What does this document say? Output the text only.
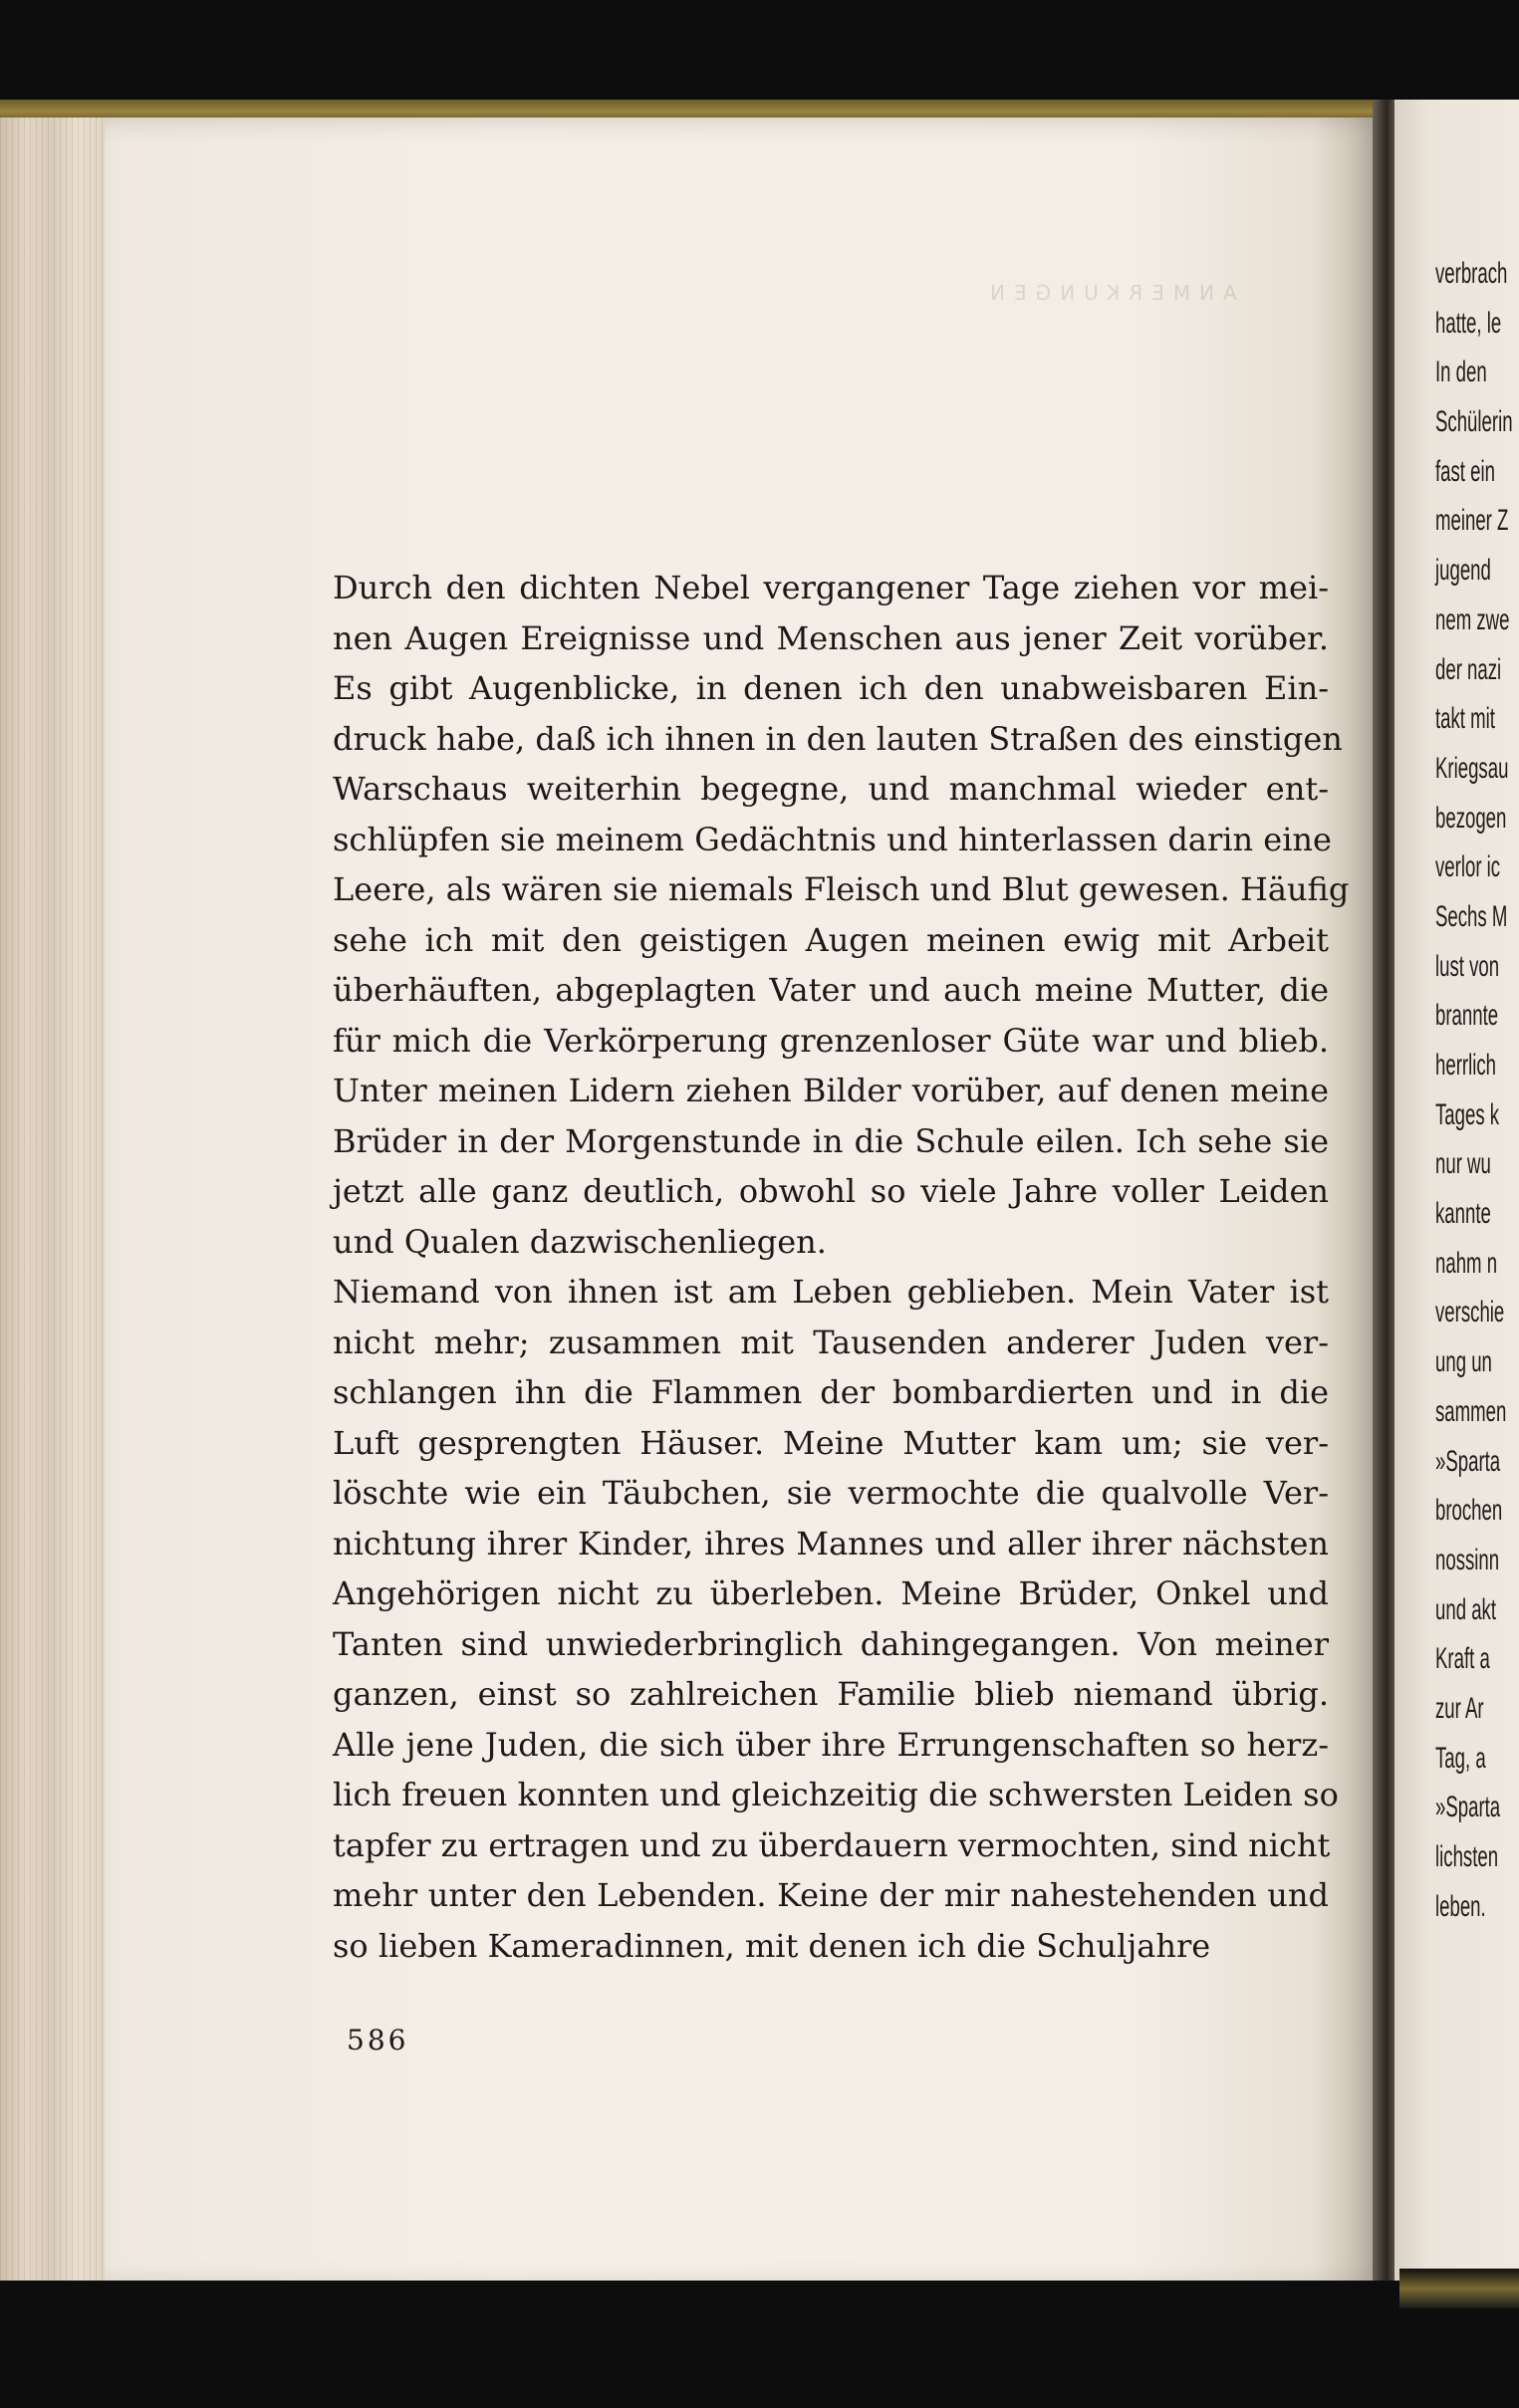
ANMERKUNGEN
Durch den dichten Nebel vergangener Tage ziehen vor mei-
nen Augen Ereignisse und Menschen aus jener Zeit vorüber.
Es gibt Augenblicke, in denen ich den unabweisbaren Ein-
druck habe, daß ich ihnen in den lauten Straßen des einstigen
Warschaus weiterhin begegne, und manchmal wieder ent-
schlüpfen sie meinem Gedächtnis und hinterlassen darin eine
Leere, als wären sie niemals Fleisch und Blut gewesen. Häufig
sehe ich mit den geistigen Augen meinen ewig mit Arbeit
überhäuften, abgeplagten Vater und auch meine Mutter, die
für mich die Verkörperung grenzenloser Güte war und blieb.
Unter meinen Lidern ziehen Bilder vorüber, auf denen meine
Brüder in der Morgenstunde in die Schule eilen. Ich sehe sie
jetzt alle ganz deutlich, obwohl so viele Jahre voller Leiden
und Qualen dazwischenliegen.
Niemand von ihnen ist am Leben geblieben. Mein Vater ist
nicht mehr; zusammen mit Tausenden anderer Juden ver-
schlangen ihn die Flammen der bombardierten und in die
Luft gesprengten Häuser. Meine Mutter kam um; sie ver-
löschte wie ein Täubchen, sie vermochte die qualvolle Ver-
nichtung ihrer Kinder, ihres Mannes und aller ihrer nächsten
Angehörigen nicht zu überleben. Meine Brüder, Onkel und
Tanten sind unwiederbringlich dahingegangen. Von meiner
ganzen, einst so zahlreichen Familie blieb niemand übrig.
Alle jene Juden, die sich über ihre Errungenschaften so herz-
lich freuen konnten und gleichzeitig die schwersten Leiden so
tapfer zu ertragen und zu überdauern vermochten, sind nicht
mehr unter den Lebenden. Keine der mir nahestehenden und
so lieben Kameradinnen, mit denen ich die Schuljahre
586
verbrach
hatte, le
In den
Schülerin
fast ein
meiner Z
jugend
nem zwe
der nazi
takt mit
Kriegsau
bezogen
verlor ic
Sechs M
lust von
brannte
herrlich
Tages k
nur wu
kannte
nahm n
verschie
ung un
sammen
»Sparta
brochen
nossinn
und akt
Kraft a
zur Ar
Tag, a
»Sparta
lichsten
leben.
